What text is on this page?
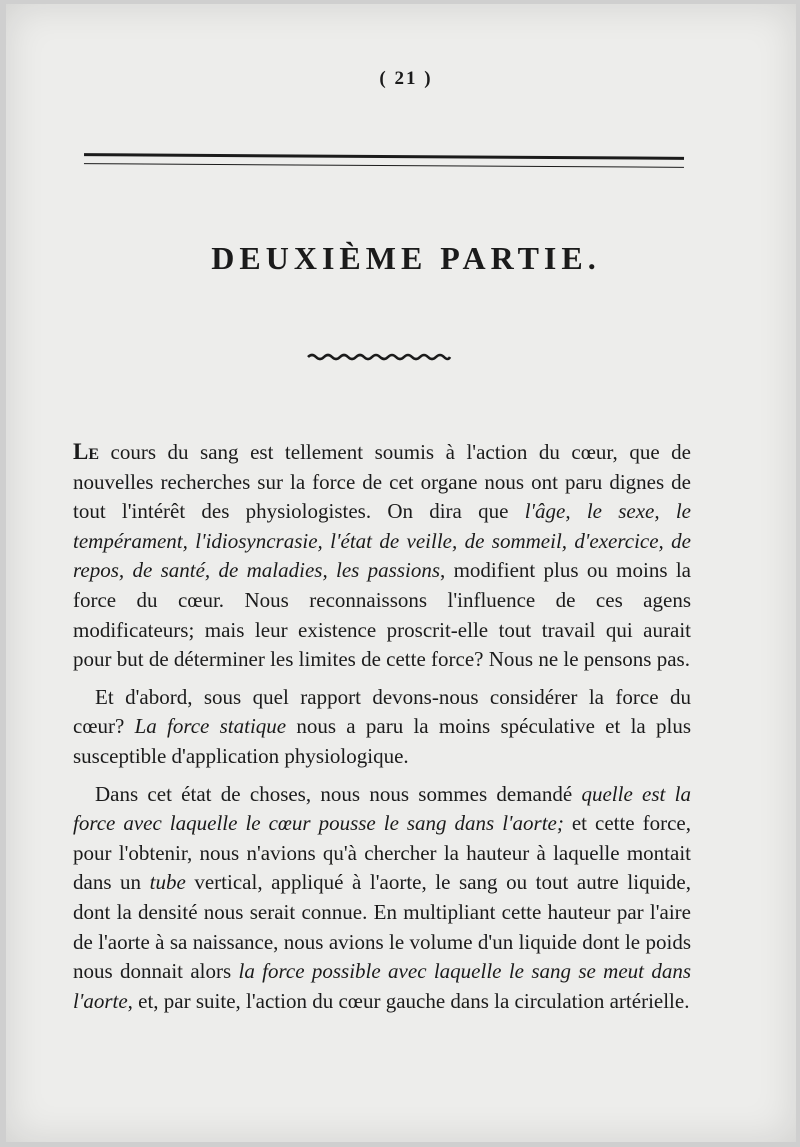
( 21 )
DEUXIÈME PARTIE.

Le cours du sang est tellement soumis à l'action du cœur, que de nouvelles recherches sur la force de cet organe nous ont paru dignes de tout l'intérêt des physiologistes. On dira que l'âge, le sexe, le tempérament, l'idiosyncrasie, l'état de veille, de sommeil, d'exercice, de repos, de santé, de maladies, les passions, modifient plus ou moins la force du cœur. Nous reconnaissons l'influence de ces agens modificateurs; mais leur existence proscrit-elle tout travail qui aurait pour but de déterminer les limites de cette force? Nous ne le pensons pas.

Et d'abord, sous quel rapport devons-nous considérer la force du cœur? La force statique nous a paru la moins spéculative et la plus susceptible d'application physiologique.

Dans cet état de choses, nous nous sommes demandé quelle est la force avec laquelle le cœur pousse le sang dans l'aorte; et cette force, pour l'obtenir, nous n'avions qu'à chercher la hauteur à laquelle montait dans un tube vertical, appliqué à l'aorte, le sang ou tout autre liquide, dont la densité nous serait connue. En multipliant cette hauteur par l'aire de l'aorte à sa naissance, nous avions le volume d'un liquide dont le poids nous donnait alors la force possible avec laquelle le sang se meut dans l'aorte, et, par suite, l'action du cœur gauche dans la circulation artérielle.
